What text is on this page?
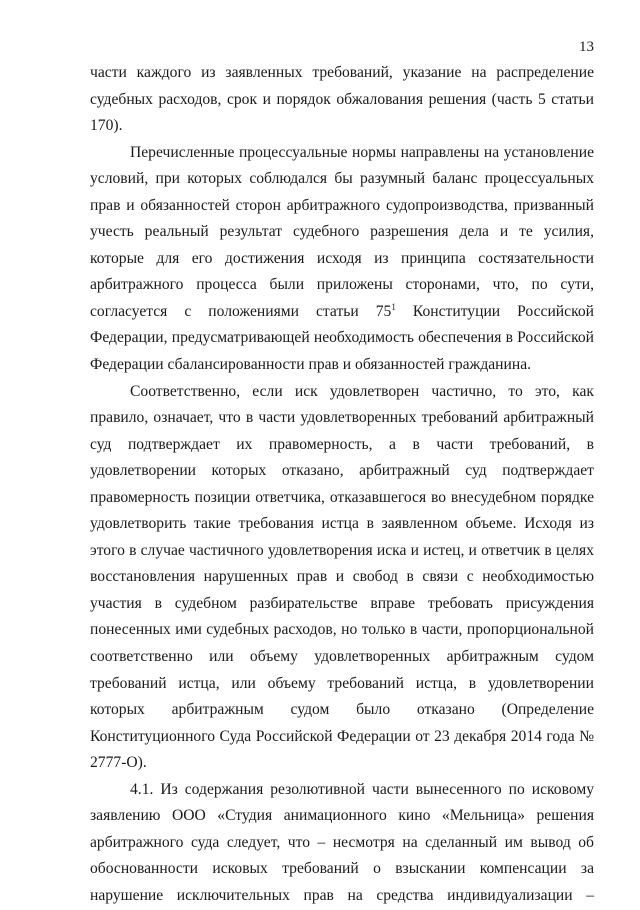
13

части каждого из заявленных требований, указание на распределение судебных расходов, срок и порядок обжалования решения (часть 5 статьи 170).

Перечисленные процессуальные нормы направлены на установление условий, при которых соблюдался бы разумный баланс процессуальных прав и обязанностей сторон арбитражного судопроизводства, призванный учесть реальный результат судебного разрешения дела и те усилия, которые для его достижения исходя из принципа состязательности арбитражного процесса были приложены сторонами, что, по сути, согласуется с положениями статьи $75^1$ Конституции Российской Федерации, предусматривающей необходимость обеспечения в Российской Федерации сбалансированности прав и обязанностей гражданина.

Соответственно, если иск удовлетворен частично, то это, как правило, означает, что в части удовлетворенных требований арбитражный суд подтверждает их правомерность, а в части требований, в удовлетворении которых отказано, арбитражный суд подтверждает правомерность позиции ответчика, отказавшегося во внесудебном порядке удовлетворить такие требования истца в заявленном объеме. Исходя из этого в случае частичного удовлетворения иска и истец, и ответчик в целях восстановления нарушенных прав и свобод в связи с необходимостью участия в судебном разбирательстве вправе требовать присуждения понесенных ими судебных расходов, но только в части, пропорциональной соответственно или объему удовлетворенных арбитражным судом требований истца, или объему требований истца, в удовлетворении которых арбитражным судом было отказано (Определение Конституционного Суда Российской Федерации от 23 декабря 2014 года № 2777-О).

4.1. Из содержания резолютивной части вынесенного по исковому заявлению ООО «Студия анимационного кино «Мельница» решения арбитражного суда следует, что – несмотря на сделанный им вывод об обоснованности исковых требований о взыскании компенсации за нарушение исключительных прав на средства индивидуализации –
